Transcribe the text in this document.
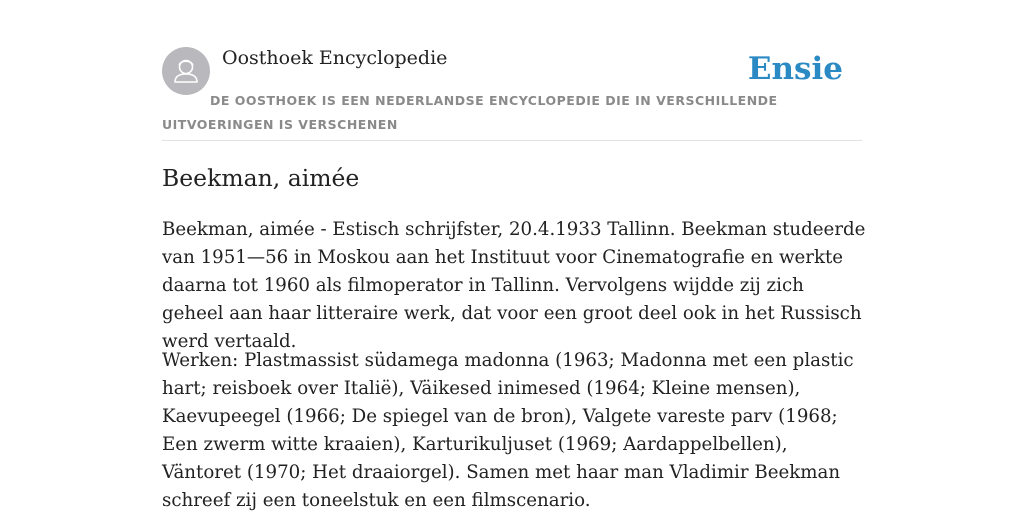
Oosthoek Encyclopedie	Ensie
DE OOSTHOEK IS EEN NEDERLANDSE ENCYCLOPEDIE DIE IN VERSCHILLENDE UITVOERINGEN IS VERSCHENEN
Beekman, aimée

Beekman, aimée - Estisch schrijfster, 20.4.1933 Tallinn. Beekman studeerde van 1951—56 in Moskou aan het Instituut voor Cinematografie en werkte daarna tot 1960 als filmoperator in Tallinn. Vervolgens wijdde zij zich geheel aan haar litteraire werk, dat voor een groot deel ook in het Russisch werd vertaald.

Werken: Plastmassist südamega madonna (1963; Madonna met een plastic hart; reisboek over Italië), Väikesed inimesed (1964; Kleine mensen), Kaevupeegel (1966; De spiegel van de bron), Valgete vareste parv (1968; Een zwerm witte kraaien), Karturikuljuset (1969; Aardappelbellen), Väntoret (1970; Het draaiorgel). Samen met haar man Vladimir Beekman schreef zij een toneelstuk en een filmscenario.
